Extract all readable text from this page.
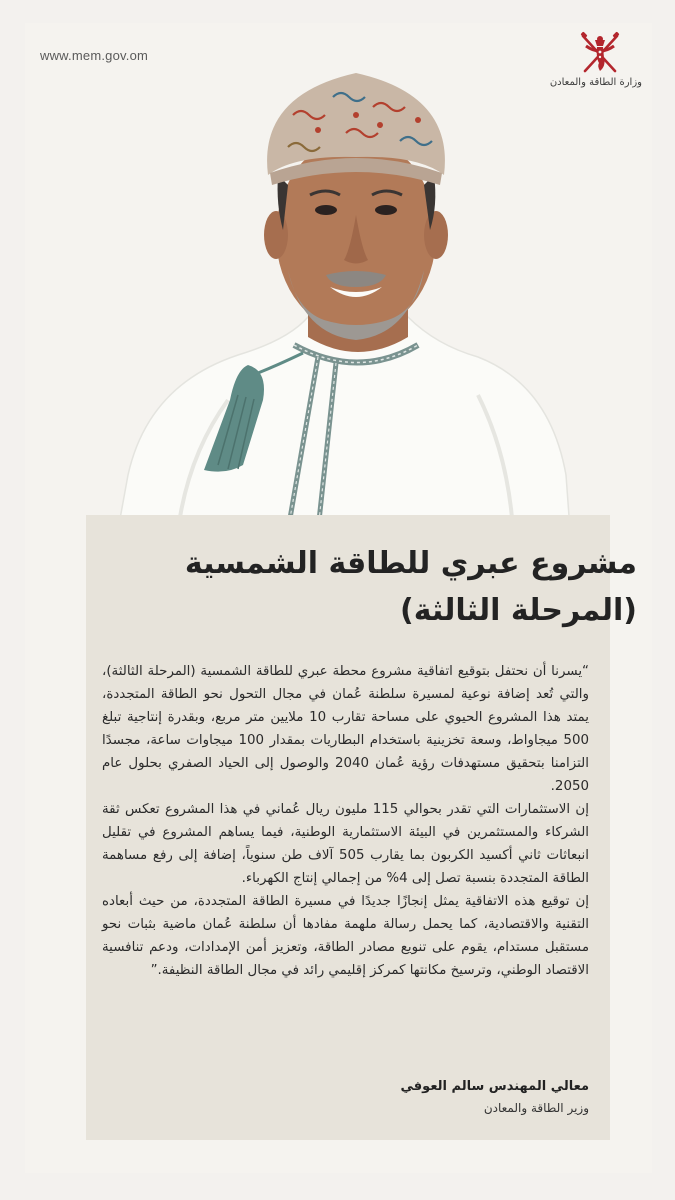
www.mem.gov.om
وزارة الطاقة والمعادن
مشروع عبري للطاقة الشمسية
(المرحلة الثالثة)

“يسرنا أن نحتفل بتوقيع اتفاقية مشروع محطة عبري للطاقة الشمسية (المرحلة الثالثة)، والتي تُعد إضافة نوعية لمسيرة سلطنة عُمان في مجال التحول نحو الطاقة المتجددة، يمتد هذا المشروع الحيوي على مساحة تقارب 10 ملايين متر مربع، وبقدرة إنتاجية تبلغ 500 ميجاواط، وسعة تخزينية باستخدام البطاريات بمقدار 100 ميجاوات ساعة، مجسدًا التزامنا بتحقيق مستهدفات رؤية عُمان 2040 والوصول إلى الحياد الصفري بحلول عام 2050.

إن الاستثمارات التي تقدر بحوالي 115 مليون ريال عُماني في هذا المشروع تعكس ثقة الشركاء والمستثمرين في البيئة الاستثمارية الوطنية، فيما يساهم المشروع في تقليل انبعاثات ثاني أكسيد الكربون بما يقارب 505 آلاف طن سنوياً، إضافة إلى رفع مساهمة الطاقة المتجددة بنسبة تصل إلى 4% من إجمالي إنتاج الكهرباء.

إن توقيع هذه الاتفاقية يمثل إنجازًا جديدًا في مسيرة الطاقة المتجددة، من حيث أبعاده التقنية والاقتصادية، كما يحمل رسالة ملهمة مفادها أن سلطنة عُمان ماضية بثبات نحو مستقبل مستدام، يقوم على تنويع مصادر الطاقة، وتعزيز أمن الإمدادات، ودعم تنافسية الاقتصاد الوطني، وترسيخ مكانتها كمركز إقليمي رائد في مجال الطاقة النظيفة.”

معالي المهندس سالم العوفي
وزير الطاقة والمعادن
